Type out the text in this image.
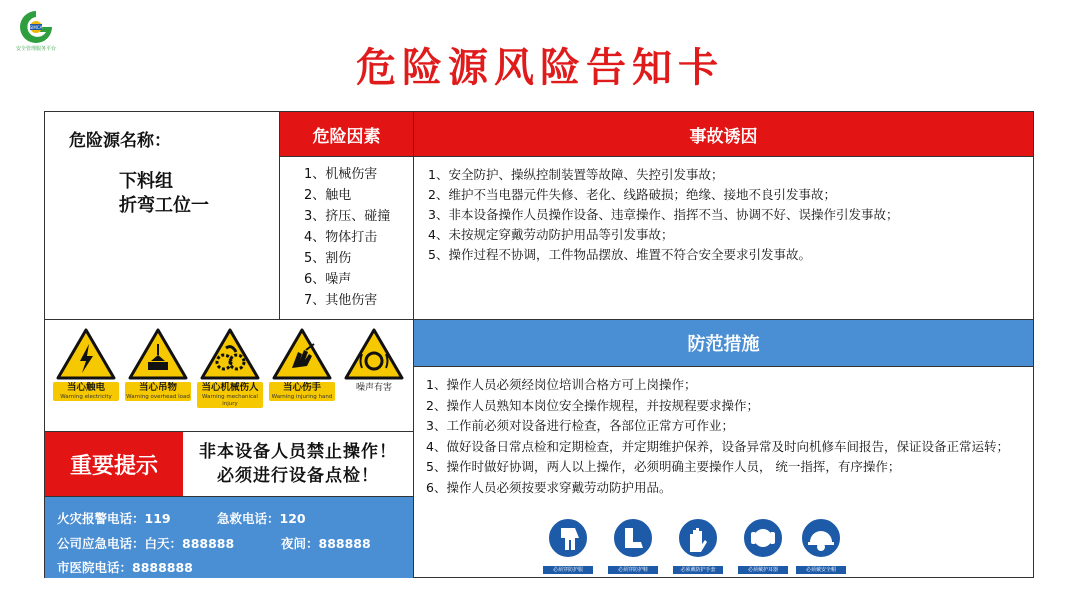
SIMCA
安全管理服务平台	危险源风险告知卡
危险源名称：
下料组
折弯工位一
危险因素
1、机械伤害
2、触电
3、挤压、碰撞
4、物体打击
5、割伤
6、噪声
7、其他伤害
事故诱因
1、安全防护、操纵控制装置等故障、失控引发事故；
2、维护不当电器元件失修、老化、线路破损；绝缘、接地不良引发事故；
3、非本设备操作人员操作设备、违章操作、指挥不当、协调不好、误操作引发事故；
4、未按规定穿戴劳动防护用品等引发事故；
5、操作过程不协调，工件物品摆放、堆置不符合安全要求引发事故。
当心触电
Warning electricity
当心吊物
Warning overhead load
当心机械伤人
Warning mechanical injury
当心伤手
Warning injuring hand
噪声有害
重要提示
非本设备人员禁止操作！
必须进行设备点检！
火灾报警电话：119	急救电话：120
公司应急电话：白天：888888	夜间：888888
市医院电话：8888888
防范措施
1、操作人员必须经岗位培训合格方可上岗操作；
2、操作人员熟知本岗位安全操作规程，并按规程要求操作；
3、工作前必须对设备进行检查，各部位正常方可作业；
4、做好设备日常点检和定期检查，并定期维护保养，设备异常及时向机修车间报告，保证设备正常运转；
5、操作时做好协调，两人以上操作，必须明确主要操作人员， 统一指挥，有序操作；
6、操作人员必须按要求穿戴劳动防护用品。
必须穿防护服	必须穿防护鞋	必须戴防护手套	必须戴护耳器	必须戴安全帽
